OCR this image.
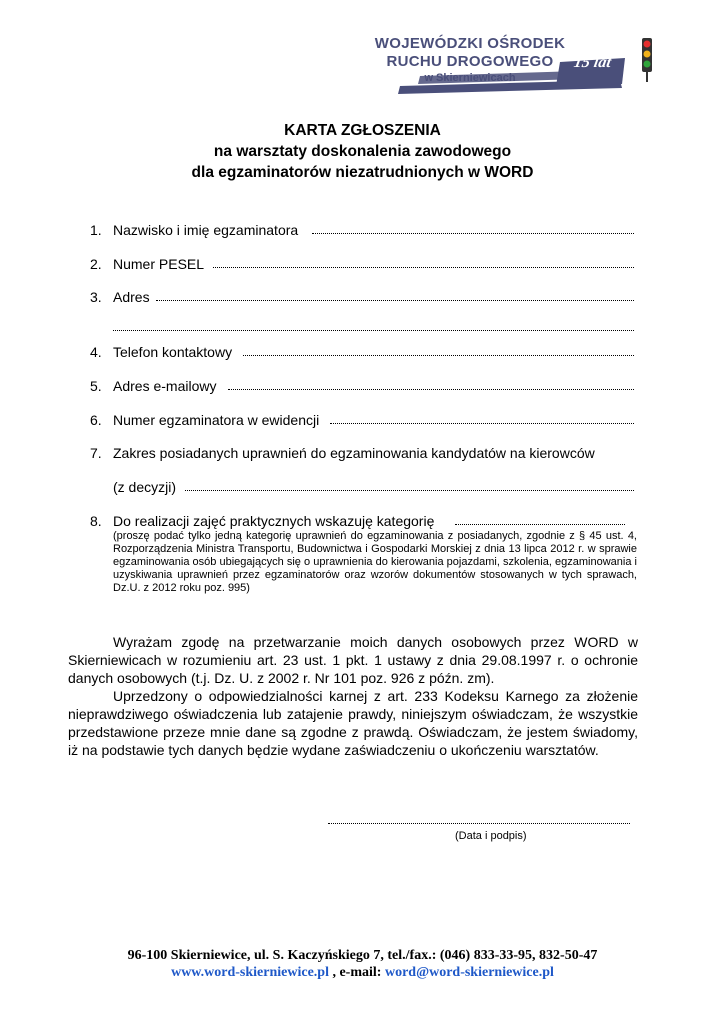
WOJEWÓDZKI OŚRODEK
RUCHU DROGOWEGO
w Skierniewicach
15 lat
KARTA ZGŁOSZENIA
na warsztaty doskonalenia zawodowego
dla egzaminatorów niezatrudnionych w WORD
1. Nazwisko i imię egzaminatora
2. Numer PESEL
3. Adres
4. Telefon kontaktowy
5. Adres e-mailowy
6. Numer egzaminatora w ewidencji
7. Zakres posiadanych uprawnień do egzaminowania kandydatów na kierowców
(z decyzji)
8. Do realizacji zajęć praktycznych wskazuję kategorię
(proszę podać tylko jedną kategorię uprawnień do egzaminowania z posiadanych, zgodnie z § 45 ust. 4, Rozporządzenia Ministra Transportu, Budownictwa i Gospodarki Morskiej z dnia 13 lipca 2012 r. w sprawie egzaminowania osób ubiegających się o uprawnienia do kierowania pojazdami, szkolenia, egzaminowania i uzyskiwania uprawnień przez egzaminatorów oraz wzorów dokumentów stosowanych w tych sprawach, Dz.U. z 2012 roku poz. 995)

Wyrażam zgodę na przetwarzanie moich danych osobowych przez WORD w Skierniewicach w rozumieniu art. 23 ust. 1 pkt. 1 ustawy z dnia 29.08.1997 r. o ochronie danych osobowych (t.j. Dz. U. z 2002 r. Nr 101 poz. 926 z późn. zm).

Uprzedzony o odpowiedzialności karnej z art. 233 Kodeksu Karnego za złożenie nieprawdziwego oświadczenia lub zatajenie prawdy, niniejszym oświadczam, że wszystkie przedstawione przeze mnie dane są zgodne z prawdą. Oświadczam, że jestem świadomy, iż na podstawie tych danych będzie wydane zaświadczeniu o ukończeniu warsztatów.

(Data i podpis)
96-100 Skierniewice, ul. S. Kaczyńskiego 7, tel./fax.: (046) 833-33-95, 832-50-47
www.word-skierniewice.pl , e-mail: word@word-skierniewice.pl
